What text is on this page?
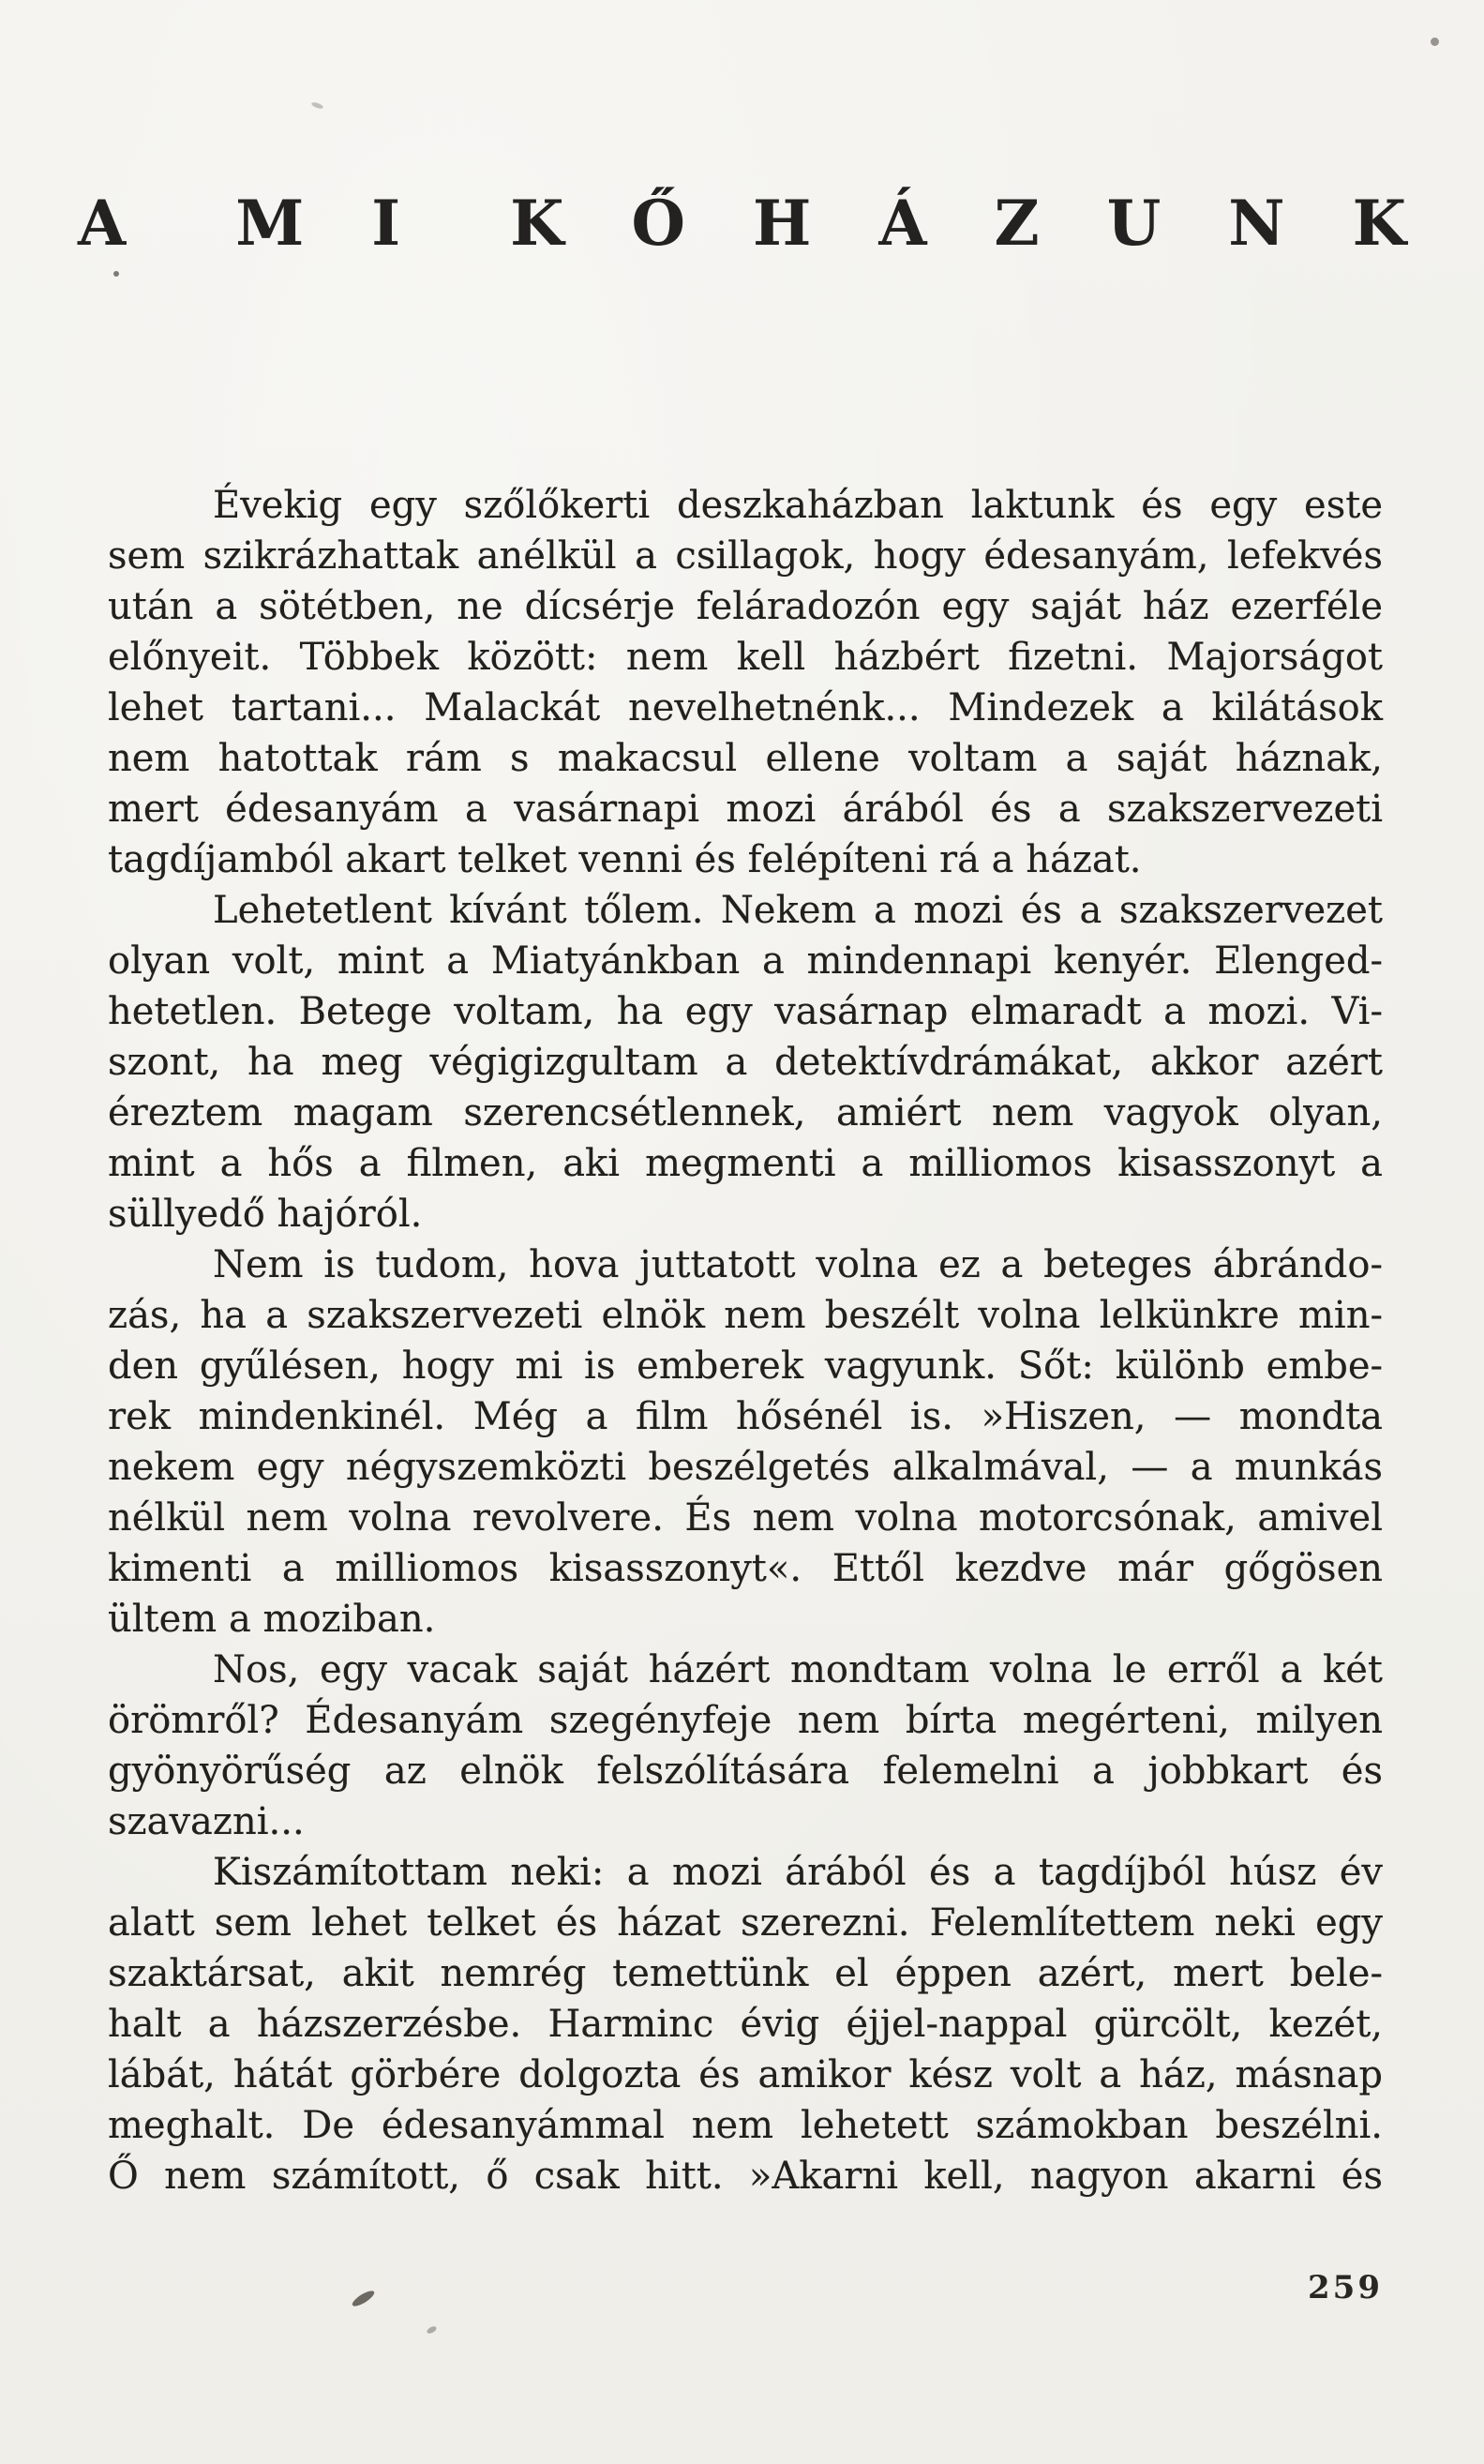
A MI KŐHÁZUNK
Évekig egy szőlőkerti deszkaházban laktunk és egy este
sem szikrázhattak anélkül a csillagok, hogy édesanyám, lefekvés
után a sötétben, ne dícsérje feláradozón egy saját ház ezerféle
előnyeit. Többek között: nem kell házbért fizetni. Majorságot
lehet tartani... Malackát nevelhetnénk... Mindezek a kilátások
nem hatottak rám s makacsul ellene voltam a saját háznak,
mert édesanyám a vasárnapi mozi árából és a szakszervezeti
tagdíjamból akart telket venni és felépíteni rá a házat.
Lehetetlent kívánt tőlem. Nekem a mozi és a szakszervezet
olyan volt, mint a Miatyánkban a mindennapi kenyér. Elenged-
hetetlen. Betege voltam, ha egy vasárnap elmaradt a mozi. Vi-
szont, ha meg végigizgultam a detektívdrámákat, akkor azért
éreztem magam szerencsétlennek, amiért nem vagyok olyan,
mint a hős a filmen, aki megmenti a milliomos kisasszonyt a
süllyedő hajóról.
Nem is tudom, hova juttatott volna ez a beteges ábrándo-
zás, ha a szakszervezeti elnök nem beszélt volna lelkünkre min-
den gyűlésen, hogy mi is emberek vagyunk. Sőt: különb embe-
rek mindenkinél. Még a film hősénél is. »Hiszen, — mondta
nekem egy négyszemközti beszélgetés alkalmával, — a munkás
nélkül nem volna revolvere. És nem volna motorcsónak, amivel
kimenti a milliomos kisasszonyt«. Ettől kezdve már gőgösen
ültem a moziban.
Nos, egy vacak saját házért mondtam volna le erről a két
örömről? Édesanyám szegényfeje nem bírta megérteni, milyen
gyönyörűség az elnök felszólítására felemelni a jobbkart és
szavazni...
Kiszámítottam neki: a mozi árából és a tagdíjból húsz év
alatt sem lehet telket és házat szerezni. Felemlítettem neki egy
szaktársat, akit nemrég temettünk el éppen azért, mert bele-
halt a házszerzésbe. Harminc évig éjjel-nappal gürcölt, kezét,
lábát, hátát görbére dolgozta és amikor kész volt a ház, másnap
meghalt. De édesanyámmal nem lehetett számokban beszélni.
Ő nem számított, ő csak hitt. »Akarni kell, nagyon akarni és
259
